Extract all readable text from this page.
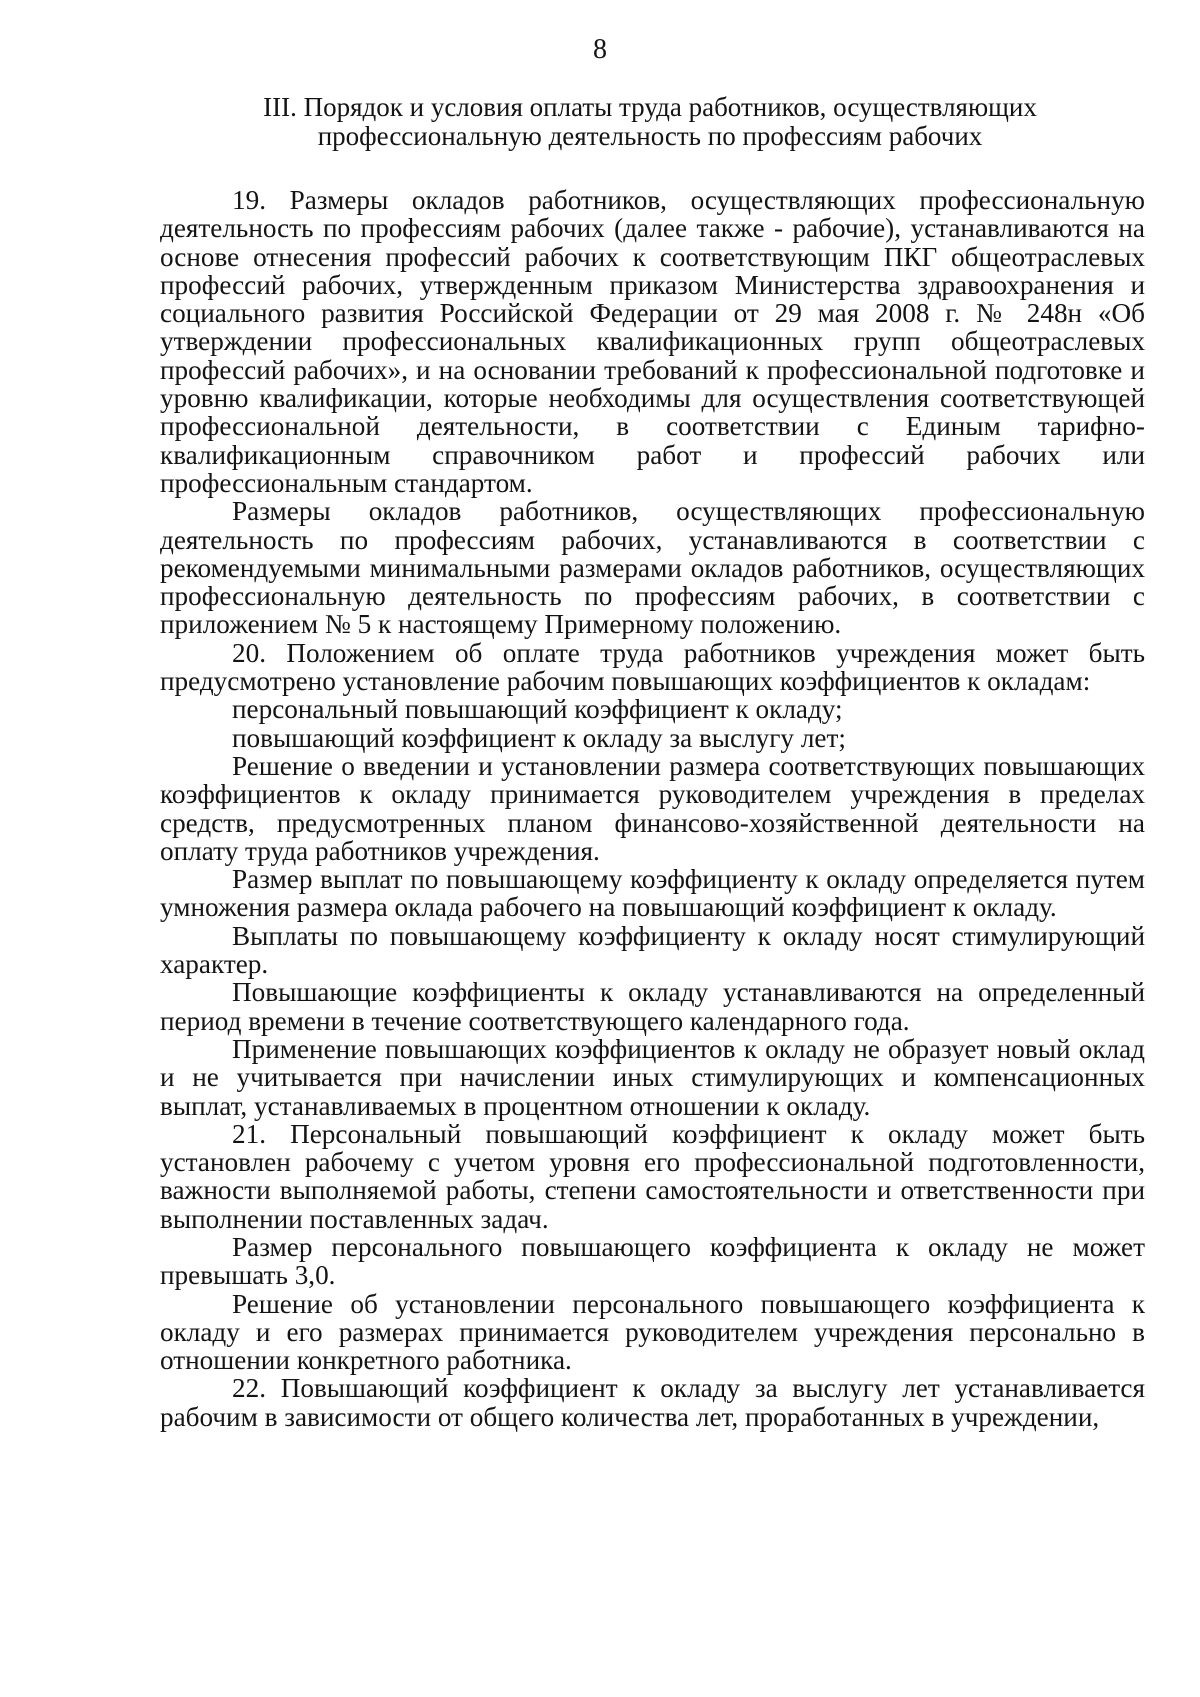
8
III. Порядок и условия оплаты труда работников, осуществляющих
профессиональную деятельность по профессиям рабочих

19. Размеры окладов работников, осуществляющих профессиональную деятельность по профессиям рабочих (далее также - рабочие), устанавливаются на основе отнесения профессий рабочих к соответствующим ПКГ общеотраслевых профессий рабочих, утвержденным приказом Министерства здравоохранения и социального развития Российской Федерации от 29 мая 2008 г. № 248н «Об утверждении профессиональных квалификационных групп общеотраслевых профессий рабочих», и на основании требований к профессиональной подготовке и уровню квалификации, которые необходимы для осуществления соответствующей профессиональной деятельности, в соответствии с Единым тарифно-квалификационным справочником работ и профессий рабочих или профессиональным стандартом.

Размеры окладов работников, осуществляющих профессиональную деятельность по профессиям рабочих, устанавливаются в соответствии с рекомендуемыми минимальными размерами окладов работников, осуществляющих профессиональную деятельность по профессиям рабочих, в соответствии с приложением № 5 к настоящему Примерному положению.

20. Положением об оплате труда работников учреждения может быть предусмотрено установление рабочим повышающих коэффициентов к окладам:

персональный повышающий коэффициент к окладу;

повышающий коэффициент к окладу за выслугу лет;

Решение о введении и установлении размера соответствующих повышающих коэффициентов к окладу принимается руководителем учреждения в пределах средств, предусмотренных планом финансово-хозяйственной деятельности на оплату труда работников учреждения.

Размер выплат по повышающему коэффициенту к окладу определяется путем умножения размера оклада рабочего на повышающий коэффициент к окладу.

Выплаты по повышающему коэффициенту к окладу носят стимулирующий характер.

Повышающие коэффициенты к окладу устанавливаются на определенный период времени в течение соответствующего календарного года.

Применение повышающих коэффициентов к окладу не образует новый оклад и не учитывается при начислении иных стимулирующих и компенсационных выплат, устанавливаемых в процентном отношении к окладу.

21. Персональный повышающий коэффициент к окладу может быть установлен рабочему с учетом уровня его профессиональной подготовленности, важности выполняемой работы, степени самостоятельности и ответственности при выполнении поставленных задач.

Размер персонального повышающего коэффициента к окладу не может превышать 3,0.

Решение об установлении персонального повышающего коэффициента к окладу и его размерах принимается руководителем учреждения персонально в отношении конкретного работника.

22. Повышающий коэффициент к окладу за выслугу лет устанавливается рабочим в зависимости от общего количества лет, проработанных в учреждении,
